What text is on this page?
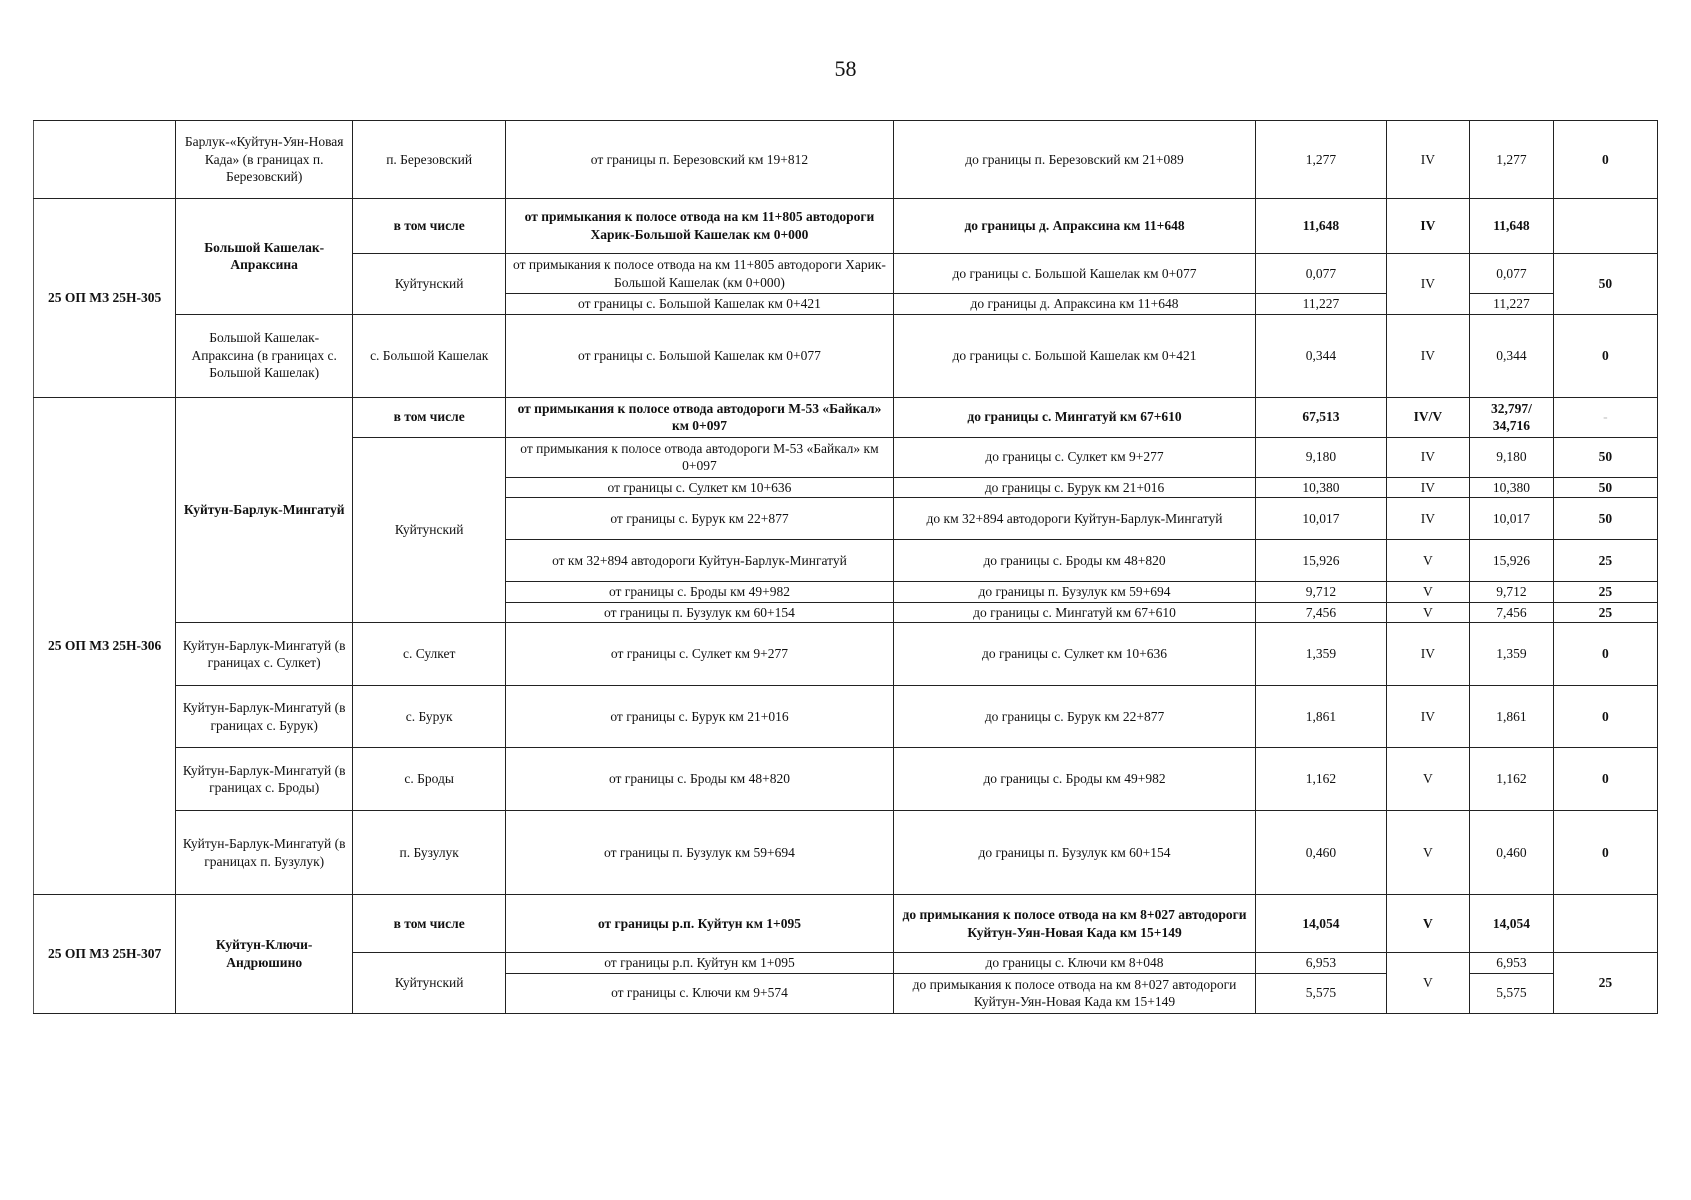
58
	Барлук-«Куйтун-Уян-Новая Када» (в границах п. Березовский)	п. Березовский	от границы п. Березовский км 19+812	до границы п. Березовский км 21+089	1,277	IV	1,277	0
25 ОП МЗ 25Н-305	Большой Кашелак-Апраксина	в том числе	от примыкания к полосе отвода на км 11+805 автодороги Харик-Большой Кашелак км 0+000	до границы д. Апраксина км 11+648	11,648	IV	11,648	
		Куйтунский	от примыкания к полосе отвода на км 11+805 автодороги Харик-Большой Кашелак (км 0+000)	до границы с. Большой Кашелак км 0+077	0,077	IV	0,077	50
			от границы с. Большой Кашелак км 0+421	до границы д. Апраксина км 11+648	11,227		11,227	
	Большой Кашелак-Апраксина (в границах с. Большой Кашелак)	с. Большой Кашелак	от границы с. Большой Кашелак км 0+077	до границы с. Большой Кашелак км 0+421	0,344	IV	0,344	0
25 ОП МЗ 25Н-306	Куйтун-Барлук-Мингатуй	в том числе	от примыкания к полосе отвода автодороги М-53 «Байкал» км 0+097	до границы с. Мингатуй км 67+610	67,513	IV/V	32,797/ 34,716	-
		Куйтунский	от примыкания к полосе отвода автодороги М-53 «Байкал» км 0+097	до границы с. Сулкет км 9+277	9,180	IV	9,180	50
			от границы с. Сулкет км 10+636	до границы с. Бурук км 21+016	10,380	IV	10,380	50
			от границы с. Бурук км 22+877	до км 32+894 автодороги Куйтун-Барлук-Мингатуй	10,017	IV	10,017	50
			от км 32+894 автодороги Куйтун-Барлук-Мингатуй	до границы с. Броды км 48+820	15,926	V	15,926	25
			от границы с. Броды км 49+982	до границы п. Бузулук км 59+694	9,712	V	9,712	25
			от границы п. Бузулук км 60+154	до границы с. Мингатуй км 67+610	7,456	V	7,456	25
	Куйтун-Барлук-Мингатуй (в границах с. Сулкет)	с. Сулкет	от границы с. Сулкет км 9+277	до границы с. Сулкет км 10+636	1,359	IV	1,359	0
	Куйтун-Барлук-Мингатуй (в границах с. Бурук)	с. Бурук	от границы с. Бурук км 21+016	до границы с. Бурук км 22+877	1,861	IV	1,861	0
	Куйтун-Барлук-Мингатуй (в границах с. Броды)	с. Броды	от границы с. Броды км 48+820	до границы с. Броды км 49+982	1,162	V	1,162	0
	Куйтун-Барлук-Мингатуй (в границах п. Бузулук)	п. Бузулук	от границы п. Бузулук км 59+694	до границы п. Бузулук км 60+154	0,460	V	0,460	0
25 ОП МЗ 25Н-307	Куйтун-Ключи-Андрюшино	в том числе	от границы р.п. Куйтун км 1+095	до примыкания к полосе отвода на км 8+027 автодороги Куйтун-Уян-Новая Када км 15+149	14,054	V	14,054	
		Куйтунский	от границы р.п. Куйтун км 1+095	до границы с. Ключи км 8+048	6,953	V	6,953	25
			от границы с. Ключи км 9+574	до примыкания к полосе отвода на км 8+027 автодороги Куйтун-Уян-Новая Када км 15+149	5,575		5,575	
